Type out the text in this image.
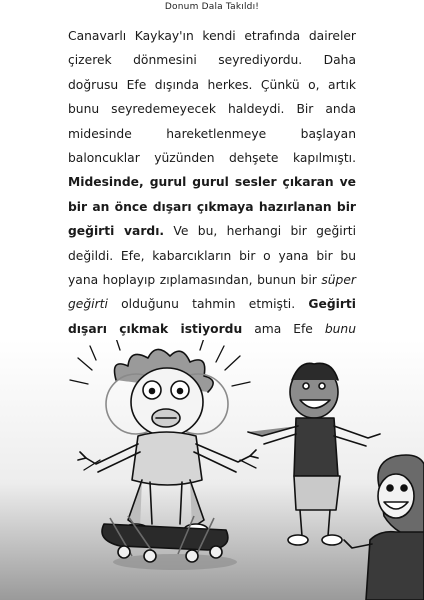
Donum Dala Takıldı!

Canavarlı Kaykay'ın kendi etrafında daireler çizerek dönmesini seyrediyordu. Daha doğrusu Efe dışında herkes. Çünkü o, artık bunu seyredemeyecek haldeydi. Bir anda midesinde hareketlenmeye başlayan baloncuklar yüzünden dehşete kapılmıştı. Midesinde, gurul gurul sesler çıkaran ve bir an önce dışarı çıkmaya hazırlanan bir geğirti vardı. Ve bu, herhangi bir geğirti değildi. Efe, kabarcıkların bir o yana bir bu yana hoplayıp zıplamasından, bunun bir süper geğirti olduğunu tahmin etmişti. Geğirti dışarı çıkmak istiyordu ama Efe bunu
